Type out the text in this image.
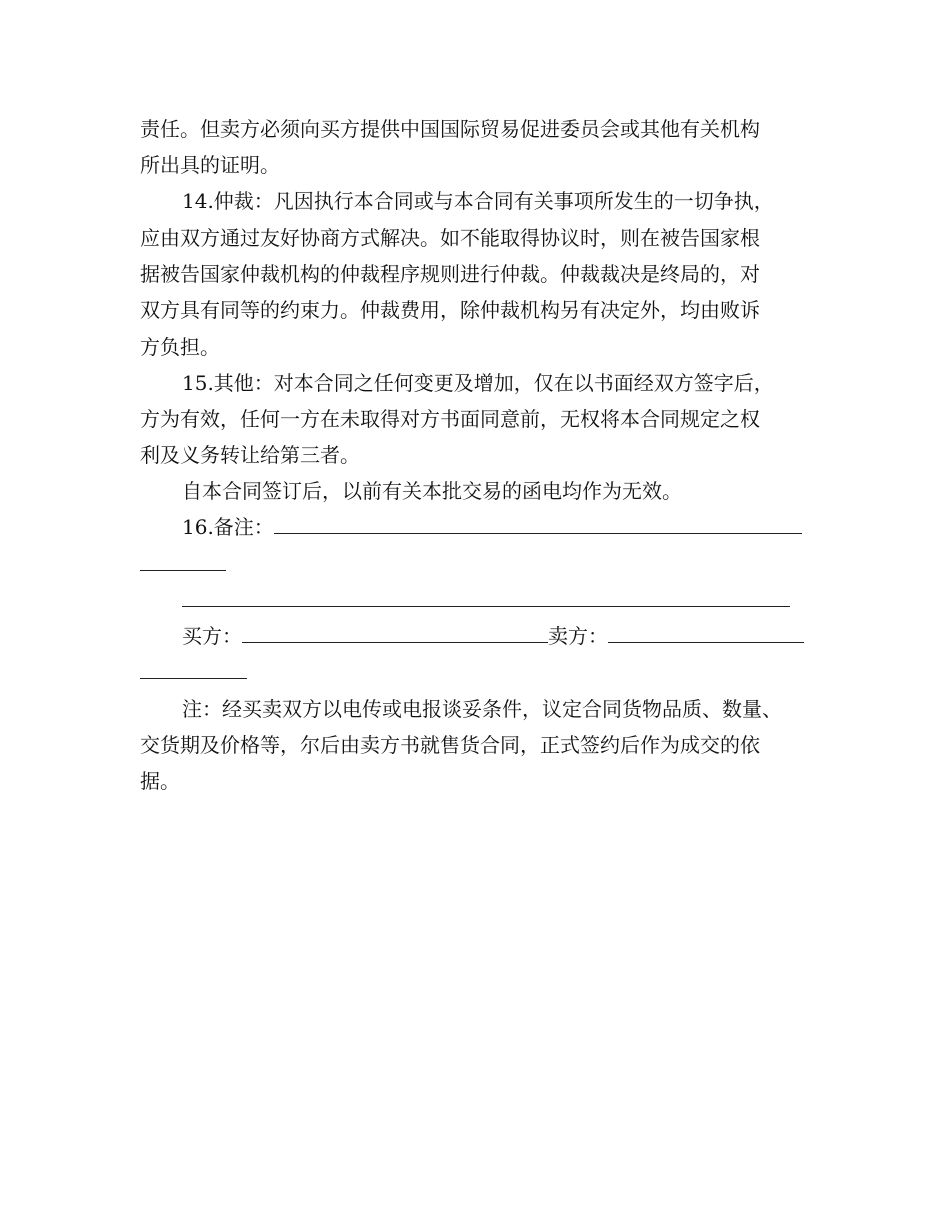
责任。但卖方必须向买方提供中国国际贸易促进委员会或其他有关机构
所出具的证明。
14.仲裁：凡因执行本合同或与本合同有关事项所发生的一切争执，
应由双方通过友好协商方式解决。如不能取得协议时，则在被告国家根
据被告国家仲裁机构的仲裁程序规则进行仲裁。仲裁裁决是终局的，对
双方具有同等的约束力。仲裁费用，除仲裁机构另有决定外，均由败诉
方负担。
15.其他：对本合同之任何变更及增加，仅在以书面经双方签字后，
方为有效，任何一方在未取得对方书面同意前，无权将本合同规定之权
利及义务转让给第三者。
自本合同签订后，以前有关本批交易的函电均作为无效。
16.备注：
买方：	卖方：
注：经买卖双方以电传或电报谈妥条件，议定合同货物品质、数量、
交货期及价格等，尔后由卖方书就售货合同，正式签约后作为成交的依
据。
